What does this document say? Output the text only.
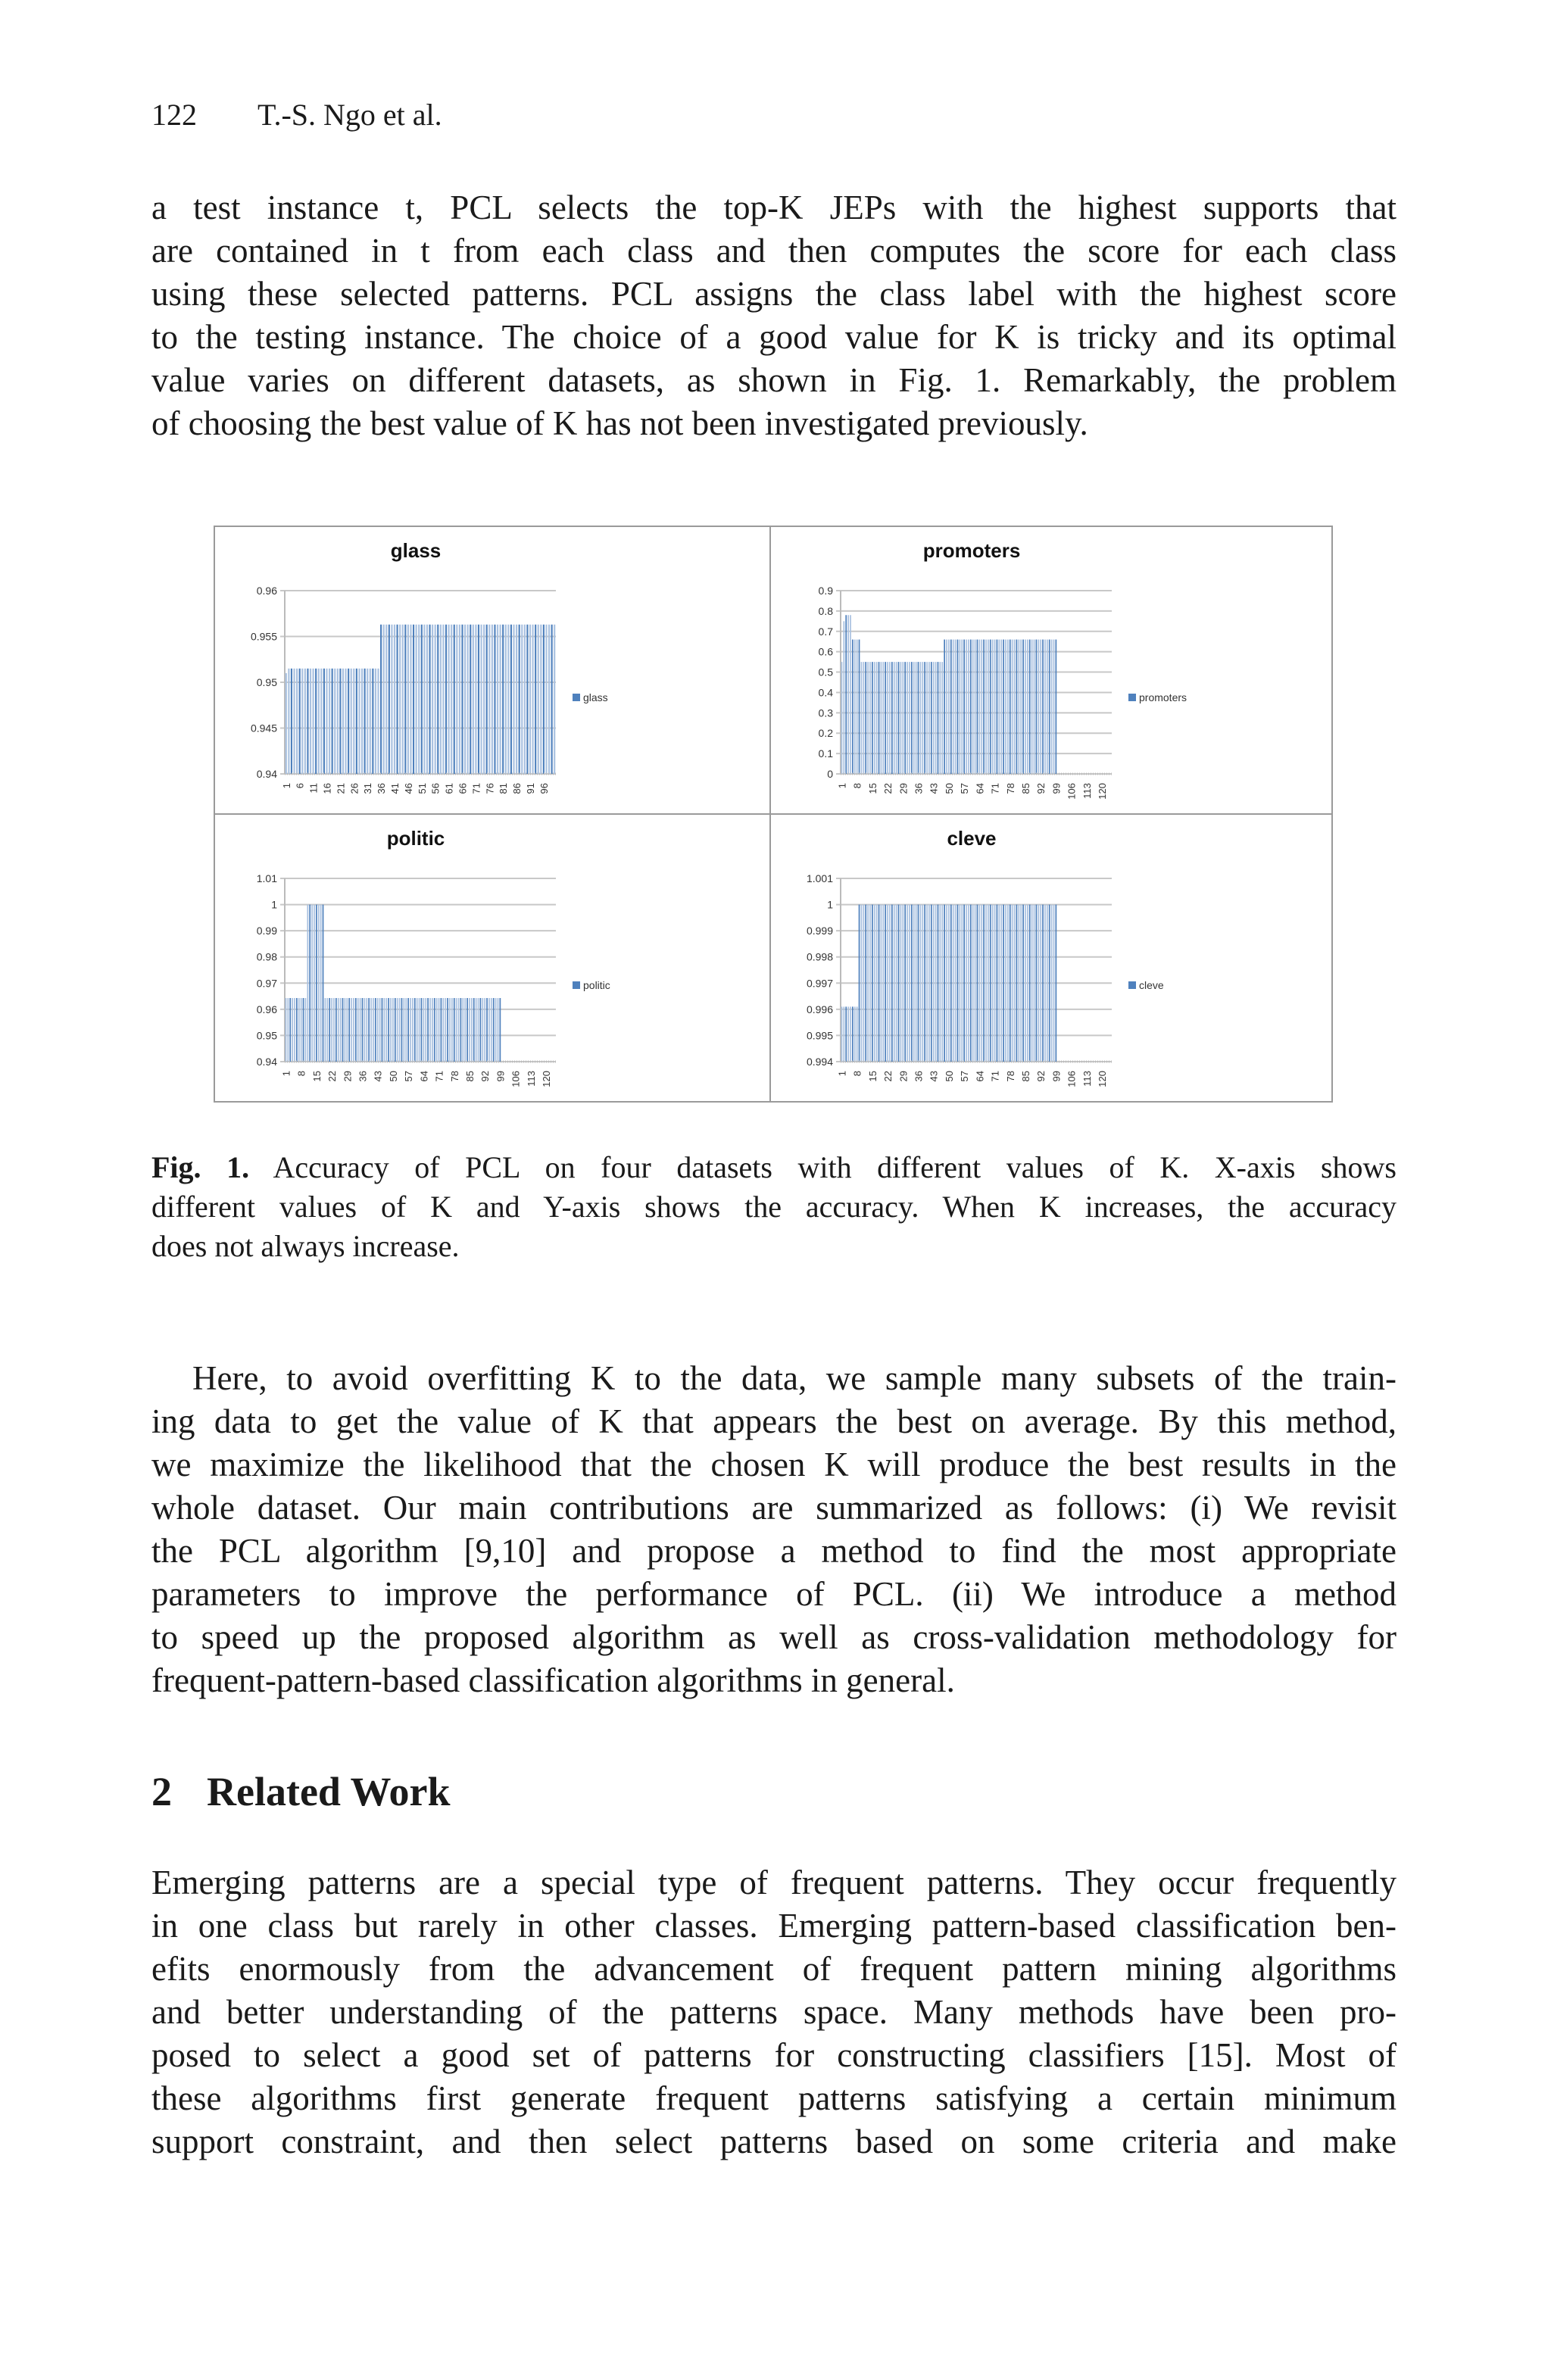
122 T.-S. Ngo et al.
a test instance t, PCL selects the top-K JEPs with the highest supports that
are contained in t from each class and then computes the score for each class
using these selected patterns. PCL assigns the class label with the highest score
to the testing instance. The choice of a good value for K is tricky and its optimal
value varies on different datasets, as shown in Fig. 1. Remarkably, the problem
of choosing the best value of K has not been investigated previously.
glass
0.94
0.945
0.95
0.955
0.96
1 6 11 16 21 26 31 36 41 46 51 56 61 66 71 76 81 86 91 96
glass
promoters
0
0.1
0.2
0.3
0.4
0.5
0.6
0.7
0.8
0.9
1 8 15 22 29 36 43 50 57 64 71 78 85 92 99 106 113 120
promoters
politic
0.94
0.95
0.96
0.97
0.98
0.99
1
1.01
1 8 15 22 29 36 43 50 57 64 71 78 85 92 99 106 113 120
politic
cleve
0.994
0.995
0.996
0.997
0.998
0.999
1
1.001
1 8 15 22 29 36 43 50 57 64 71 78 85 92 99 106 113 120
cleve
Fig. 1. Accuracy of PCL on four datasets with different values of K. X-axis shows
different values of K and Y-axis shows the accuracy. When K increases, the accuracy
does not always increase.
Here, to avoid overfitting K to the data, we sample many subsets of the train-
ing data to get the value of K that appears the best on average. By this method,
we maximize the likelihood that the chosen K will produce the best results in the
whole dataset. Our main contributions are summarized as follows: (i) We revisit
the PCL algorithm [9,10] and propose a method to find the most appropriate
parameters to improve the performance of PCL. (ii) We introduce a method
to speed up the proposed algorithm as well as cross-validation methodology for
frequent-pattern-based classification algorithms in general.
2 Related Work
Emerging patterns are a special type of frequent patterns. They occur frequently
in one class but rarely in other classes. Emerging pattern-based classification ben-
efits enormously from the advancement of frequent pattern mining algorithms
and better understanding of the patterns space. Many methods have been pro-
posed to select a good set of patterns for constructing classifiers [15]. Most of
these algorithms first generate frequent patterns satisfying a certain minimum
support constraint, and then select patterns based on some criteria and make
